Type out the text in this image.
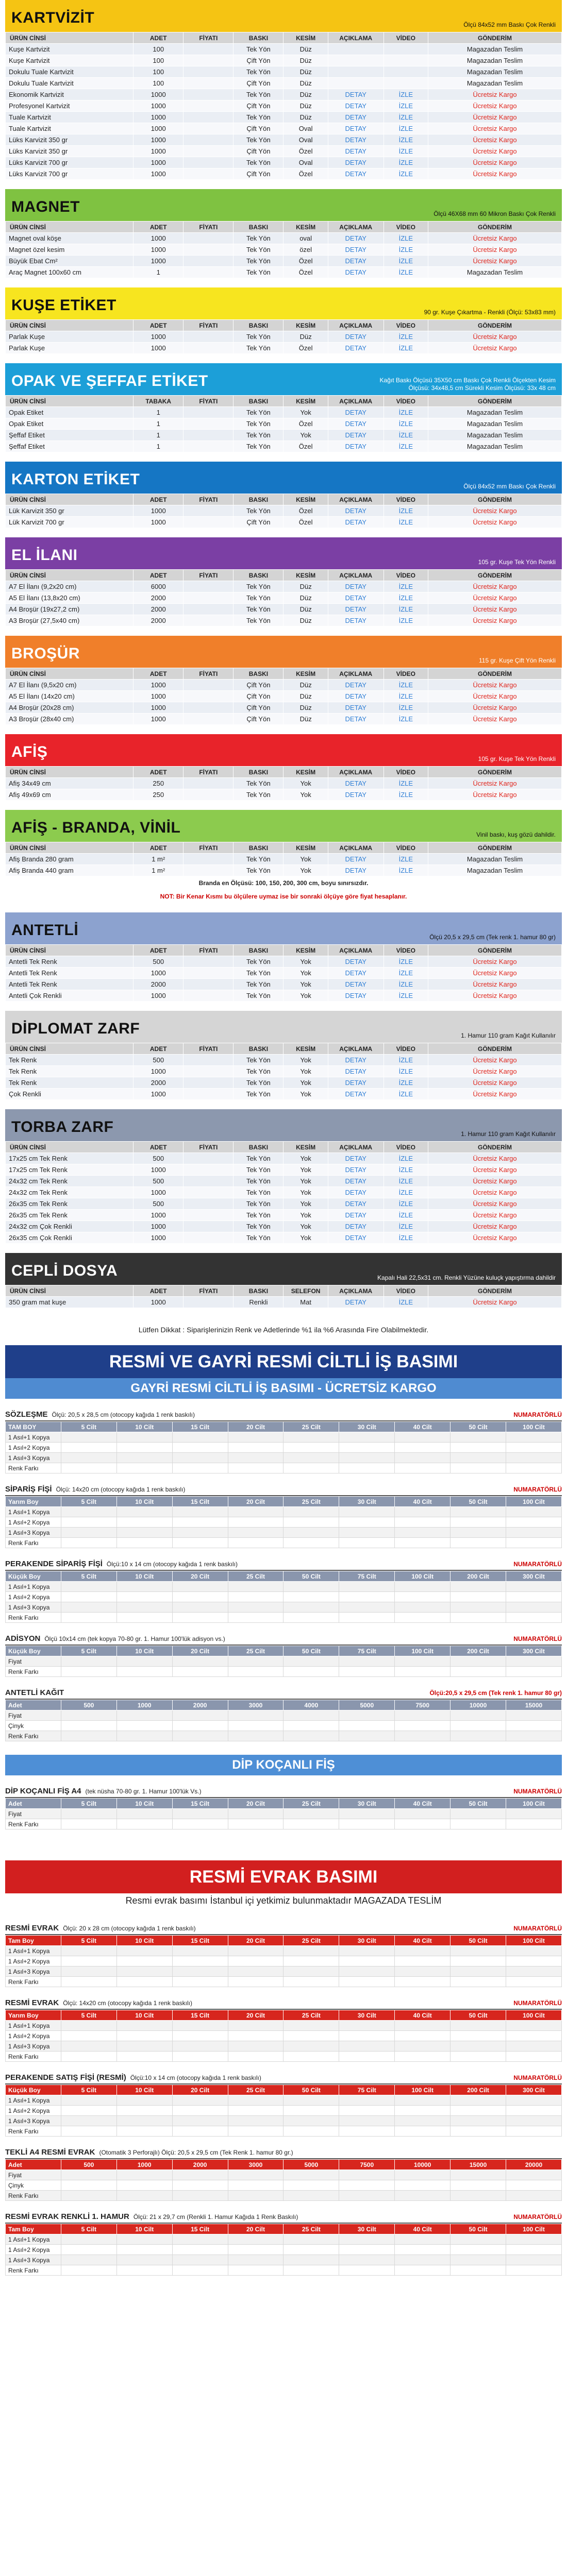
KARTVİZİT	Ölçü 84x52 mm Baskı Çok Renkli
ÜRÜN CİNSİ	ADET	FİYATI	BASKI	KESİM	AÇIKLAMA	VİDEO	GÖNDERİM
Kuşe Kartvizit	100		Tek Yön	Düz			Magazadan Teslim
Kuşe Kartvizit	100		Çift Yön	Düz			Magazadan Teslim
Dokulu Tuale Kartvizit	100		Tek Yön	Düz			Magazadan Teslim
Dokulu Tuale Kartvizit	100		Çift Yön	Düz			Magazadan Teslim
Ekonomik Kartvizit	1000		Tek Yön	Düz	DETAY	İZLE	Ücretsiz Kargo
Profesyonel Kartvizit	1000		Çift Yön	Düz	DETAY	İZLE	Ücretsiz Kargo
Tuale Kartvizit	1000		Tek Yön	Düz	DETAY	İZLE	Ücretsiz Kargo
Tuale Kartvizit	1000		Çift Yön	Oval	DETAY	İZLE	Ücretsiz Kargo
Lüks Karvizit 350 gr	1000		Tek Yön	Oval	DETAY	İZLE	Ücretsiz Kargo
Lüks Karvizit 350 gr	1000		Çift Yön	Özel	DETAY	İZLE	Ücretsiz Kargo
Lüks Karvizit 700 gr	1000		Tek Yön	Oval	DETAY	İZLE	Ücretsiz Kargo
Lüks Karvizit 700 gr	1000		Çift Yön	Özel	DETAY	İZLE	Ücretsiz Kargo
MAGNET	Ölçü 46X68 mm 60 Mikron Baskı Çok Renkli
ÜRÜN CİNSİ	ADET	FİYATI	BASKI	KESİM	AÇIKLAMA	VİDEO	GÖNDERİM
Magnet oval köşe	1000		Tek Yön	oval	DETAY	İZLE	Ücretsiz Kargo
Magnet özel kesim	1000		Tek Yön	özel	DETAY	İZLE	Ücretsiz Kargo
Büyük Ebat Cm²	1000		Tek Yön	Özel	DETAY	İZLE	Ücretsiz Kargo
Araç Magnet 100x60 cm	1		Tek Yön	Özel	DETAY	İZLE	Magazadan Teslim
KUŞE ETİKET	90 gr. Kuşe Çıkartma - Renkli (Ölçü: 53x83 mm)
ÜRÜN CİNSİ	ADET	FİYATI	BASKI	KESİM	AÇIKLAMA	VİDEO	GÖNDERİM
Parlak Kuşe	1000		Tek Yön	Düz	DETAY	İZLE	Ücretsiz Kargo
Parlak Kuşe	1000		Tek Yön	Özel	DETAY	İZLE	Ücretsiz Kargo
OPAK VE ŞEFFAF ETİKET	Kağıt Baskı Ölçüsü 35X50 cm Baskı Çok Renkli Ölçekten Kesim Ölçüsü: 34x48,5 cm Sürekli Kesim Ölçüsü: 33x 48 cm
ÜRÜN CİNSİ	TABAKA	FİYATI	BASKI	KESİM	AÇIKLAMA	VİDEO	GÖNDERİM
Opak Etiket	1		Tek Yön	Yok	DETAY	İZLE	Magazadan Teslim
Opak Etiket	1		Tek Yön	Özel	DETAY	İZLE	Magazadan Teslim
Şeffaf Etiket	1		Tek Yön	Yok	DETAY	İZLE	Magazadan Teslim
Şeffaf Etiket	1		Tek Yön	Özel	DETAY	İZLE	Magazadan Teslim
KARTON ETİKET	Ölçü 84x52 mm Baskı Çok Renkli
ÜRÜN CİNSİ	ADET	FİYATI	BASKI	KESİM	AÇIKLAMA	VİDEO	GÖNDERİM
Lük Karvizit 350 gr	1000		Tek Yön	Özel	DETAY	İZLE	Ücretsiz Kargo
Lük Karvizit 700 gr	1000		Çift Yön	Özel	DETAY	İZLE	Ücretsiz Kargo
EL İLANI	105 gr. Kuşe Tek Yön Renkli
ÜRÜN CİNSİ	ADET	FİYATI	BASKI	KESİM	AÇIKLAMA	VİDEO	GÖNDERİM
A7 El İlanı (9,2x20 cm)	6000		Tek Yön	Düz	DETAY	İZLE	Ücretsiz Kargo
A5 El İlanı (13,8x20 cm)	2000		Tek Yön	Düz	DETAY	İZLE	Ücretsiz Kargo
A4 Broşür (19x27,2 cm)	2000		Tek Yön	Düz	DETAY	İZLE	Ücretsiz Kargo
A3 Broşür (27,5x40 cm)	2000		Tek Yön	Düz	DETAY	İZLE	Ücretsiz Kargo
BROŞÜR	115 gr. Kuşe Çift Yön Renkli
ÜRÜN CİNSİ	ADET	FİYATI	BASKI	KESİM	AÇIKLAMA	VİDEO	GÖNDERİM
A7 El İlanı (9,5x20 cm)	1000		Çift Yön	Düz	DETAY	İZLE	Ücretsiz Kargo
A5 El İlanı (14x20 cm)	1000		Çift Yön	Düz	DETAY	İZLE	Ücretsiz Kargo
A4 Broşür (20x28 cm)	1000		Çift Yön	Düz	DETAY	İZLE	Ücretsiz Kargo
A3 Broşür (28x40 cm)	1000		Çift Yön	Düz	DETAY	İZLE	Ücretsiz Kargo
AFİŞ	105 gr. Kuşe Tek Yön Renkli
ÜRÜN CİNSİ	ADET	FİYATI	BASKI	KESİM	AÇIKLAMA	VİDEO	GÖNDERİM
Afiş 34x49 cm	250		Tek Yön	Yok	DETAY	İZLE	Ücretsiz Kargo
Afiş 49x69 cm	250		Tek Yön	Yok	DETAY	İZLE	Ücretsiz Kargo
AFİŞ - BRANDA, VİNİL	Vinil baskı, kuş gözü dahildir.
ÜRÜN CİNSİ	ADET	FİYATI	BASKI	KESİM	AÇIKLAMA	VİDEO	GÖNDERİM
Afiş Branda 280 gram	1 m²		Tek Yön	Yok	DETAY	İZLE	Magazadan Teslim
Afiş Branda 440 gram	1 m²		Tek Yön	Yok	DETAY	İZLE	Magazadan Teslim
Branda en Ölçüsü: 100, 150, 200, 300 cm, boyu sınırsızdır.
NOT: Bir Kenar Kısmı bu ölçülere uymaz ise bir sonraki ölçüye göre fiyat hesaplanır.
ANTETLİ	Ölçü 20,5 x 29,5 cm (Tek renk 1. hamur 80 gr)
ÜRÜN CİNSİ	ADET	FİYATI	BASKI	KESİM	AÇIKLAMA	VİDEO	GÖNDERİM
Antetli Tek Renk	500		Tek Yön	Yok	DETAY	İZLE	Ücretsiz Kargo
Antetli Tek Renk	1000		Tek Yön	Yok	DETAY	İZLE	Ücretsiz Kargo
Antetli Tek Renk	2000		Tek Yön	Yok	DETAY	İZLE	Ücretsiz Kargo
Antetli Çok Renkli	1000		Tek Yön	Yok	DETAY	İZLE	Ücretsiz Kargo
DİPLOMAT ZARF	1. Hamur 110 gram Kağıt Kullanılır
ÜRÜN CİNSİ	ADET	FİYATI	BASKI	KESİM	AÇIKLAMA	VİDEO	GÖNDERİM
Tek Renk	500		Tek Yön	Yok	DETAY	İZLE	Ücretsiz Kargo
Tek Renk	1000		Tek Yön	Yok	DETAY	İZLE	Ücretsiz Kargo
Tek Renk	2000		Tek Yön	Yok	DETAY	İZLE	Ücretsiz Kargo
Çok Renkli	1000		Tek Yön	Yok	DETAY	İZLE	Ücretsiz Kargo
TORBA ZARF	1. Hamur 110 gram Kağıt Kullanılır
ÜRÜN CİNSİ	ADET	FİYATI	BASKI	KESİM	AÇIKLAMA	VİDEO	GÖNDERİM
17x25 cm Tek Renk	500		Tek Yön	Yok	DETAY	İZLE	Ücretsiz Kargo
17x25 cm Tek Renk	1000		Tek Yön	Yok	DETAY	İZLE	Ücretsiz Kargo
24x32 cm Tek Renk	500		Tek Yön	Yok	DETAY	İZLE	Ücretsiz Kargo
24x32 cm Tek Renk	1000		Tek Yön	Yok	DETAY	İZLE	Ücretsiz Kargo
26x35 cm Tek Renk	500		Tek Yön	Yok	DETAY	İZLE	Ücretsiz Kargo
26x35 cm Tek Renk	1000		Tek Yön	Yok	DETAY	İZLE	Ücretsiz Kargo
24x32 cm Çok Renkli	1000		Tek Yön	Yok	DETAY	İZLE	Ücretsiz Kargo
26x35 cm Çok Renkli	1000		Tek Yön	Yok	DETAY	İZLE	Ücretsiz Kargo
CEPLİ DOSYA	Kapalı Hali 22,5x31 cm. Renkli Yüzüne kuluçk yapıştırma dahildir
ÜRÜN CİNSİ	ADET	FİYATI	BASKI	SELEFON	AÇIKLAMA	VİDEO	GÖNDERİM
350 gram mat kuşe	1000		Renkli	Mat	DETAY	İZLE	Ücretsiz Kargo
Lütfen Dikkat : Siparişlerinizin Renk ve Adetlerinde %1 ila %6 Arasında Fire Olabilmektedir.
RESMİ VE GAYRİ RESMİ CİLTLİ İŞ BASIMI
GAYRİ RESMİ CİLTLİ İŞ BASIMI - ÜCRETSİZ KARGO
SÖZLEŞME Ölçü: 20,5 x 28,5 cm (otocopy kağıda 1 renk baskılı)	NUMARATÖRLÜ
TAM BOY	5 Cilt	10 Cilt	15 Cilt	20 Cilt	25 Cilt	30 Cilt	40 Cilt	50 Cilt	100 Cilt
1 Asıl+1 Kopya									
1 Asıl+2 Kopya									
1 Asıl+3 Kopya									
Renk Farkı									
SİPARİŞ FİŞİ Ölçü: 14x20 cm (otocopy kağıda 1 renk baskılı)	NUMARATÖRLÜ
Yarım Boy	5 Cilt	10 Cilt	15 Cilt	20 Cilt	25 Cilt	30 Cilt	40 Cilt	50 Cilt	100 Cilt
1 Asıl+1 Kopya									
1 Asıl+2 Kopya									
1 Asıl+3 Kopya									
Renk Farkı									
PERAKENDE SİPARİŞ FİŞİ Ölçü:10 x 14 cm (otocopy kağıda 1 renk baskılı)	NUMARATÖRLÜ
Küçük Boy	5 Cilt	10 Cilt	20 Cilt	25 Cilt	50 Cilt	75 Cilt	100 Cilt	200 Cilt	300 Cilt
1 Asıl+1 Kopya									
1 Asıl+2 Kopya									
1 Asıl+3 Kopya									
Renk Farkı									
ADİSYON Ölçü 10x14 cm (tek kopya 70-80 gr. 1. Hamur 100'lük adisyon vs.)	NUMARATÖRLÜ
Küçük Boy	5 Cilt	10 Cilt	20 Cilt	25 Cilt	50 Cilt	75 Cilt	100 Cilt	200 Cilt	300 Cilt
Fiyat									
Renk Farkı									
ANTETLİ KAĞIT	Ölçü:20,5 x 29,5 cm (Tek renk 1. hamur 80 gr)
Adet	500	1000	2000	3000	4000	5000	7500	10000	15000
Fiyat									
Çinyk									
Renk Farkı									
DİP KOÇANLI FİŞ
DİP KOÇANLI FİŞ A4 (tek nüsha 70-80 gr. 1. Hamur 100'lük Vs.)	NUMARATÖRLÜ
Adet	5 Cilt	10 Cilt	15 Cilt	20 Cilt	25 Cilt	30 Cilt	40 Cilt	50 Cilt	100 Cilt
Fiyat									
Renk Farkı									
RESMİ EVRAK BASIMI
Resmi evrak basımı İstanbul içi yetkimiz bulunmaktadır MAGAZADA TESLİM
RESMİ EVRAK Ölçü: 20 x 28 cm (otocopy kağıda 1 renk baskılı)	NUMARATÖRLÜ
Tam Boy	5 Cilt	10 Cilt	15 Cilt	20 Cilt	25 Cilt	30 Cilt	40 Cilt	50 Cilt	100 Cilt
1 Asıl+1 Kopya									
1 Asıl+2 Kopya									
1 Asıl+3 Kopya									
Renk Farkı									
RESMİ EVRAK Ölçü: 14x20 cm (otocopy kağıda 1 renk baskılı)	NUMARATÖRLÜ
Yarım Boy	5 Cilt	10 Cilt	15 Cilt	20 Cilt	25 Cilt	30 Cilt	40 Cilt	50 Cilt	100 Cilt
1 Asıl+1 Kopya									
1 Asıl+2 Kopya									
1 Asıl+3 Kopya									
Renk Farkı									
PERAKENDE SATIŞ FİŞİ (RESMİ) Ölçü:10 x 14 cm (otocopy kağıda 1 renk baskılı)	NUMARATÖRLÜ
Küçük Boy	5 Cilt	10 Cilt	20 Cilt	25 Cilt	50 Cilt	75 Cilt	100 Cilt	200 Cilt	300 Cilt
1 Asıl+1 Kopya									
1 Asıl+2 Kopya									
1 Asıl+3 Kopya									
Renk Farkı									
TEKLİ A4 RESMİ EVRAK (Otomatik 3 Perforajlı) Ölçü: 20,5 x 29,5 cm (Tek Renk 1. hamur 80 gr.)
Adet	500	1000	2000	3000	5000	7500	10000	15000	20000
Fiyat									
Çinyk									
Renk Farkı									
RESMİ EVRAK RENKLİ 1. HAMUR Ölçü: 21 x 29,7 cm (Renkli 1. Hamur Kağıda 1 Renk Baskılı)	NUMARATÖRLÜ
Tam Boy	5 Cilt	10 Cilt	15 Cilt	20 Cilt	25 Cilt	30 Cilt	40 Cilt	50 Cilt	100 Cilt
1 Asıl+1 Kopya									
1 Asıl+2 Kopya									
1 Asıl+3 Kopya									
Renk Farkı									
